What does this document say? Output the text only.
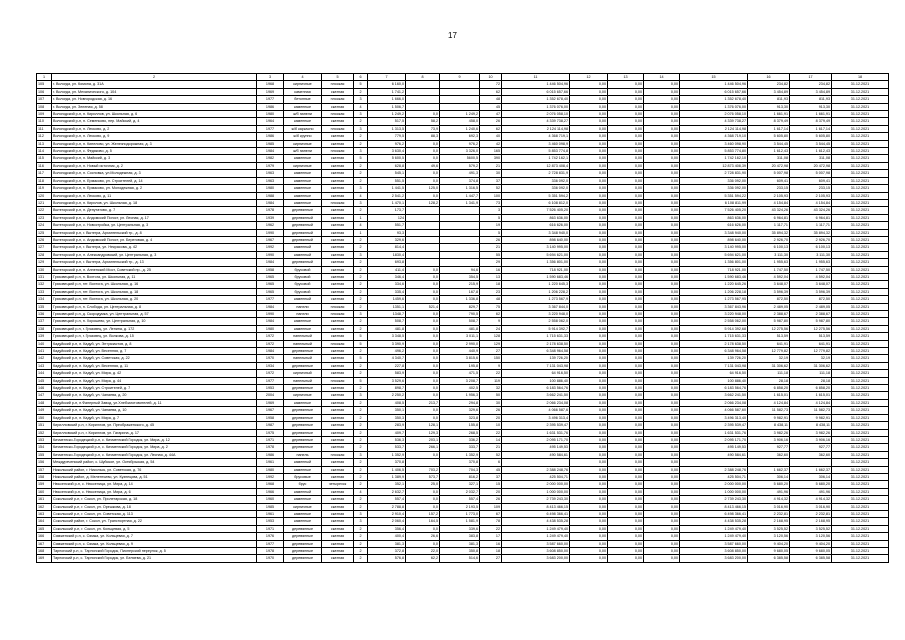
17
1	2	3	4	5	6	7	8	9	10	11	12	13	14	15	16	17	18
105	г. Вологда, ул. Комона, д. 31А	1968	кирпичные	плоская	5	6 160,0			72	1 446 504,96	0,00	0,00	0,00	1 446 504,96	234,82	234,82	31.12.2021
106	г. Вологда, ул. Механического, д. 104	1969	каменная	скатная	2	1 741,2			62	6 015 657,66	0,00	0,00	0,00	6 015 657,66	3 454,89	3 454,89	31.12.2021
107	г. Вологда, ул. Новгородская, д. 16	1977	бетонные	плоская	3	1 666,0			48	1 352 678,40	0,00	0,00	0,00	1 352 678,40	811,93	811,93	31.12.2021
108	г. Вологда, ул. Зеленая, д. 58	1986	каменные	скатная	4	1 506,7			45	1 376 076,00	0,00	0,00	0,00	1 376 076,00	913,30	913,30	31.12.2021
109	Вологодский р-н, п. Кириллов, ул. Школьная, д. 6	1980	ж/б панели	плоская	3	1 249,2	0,0	1 249,2	47	2 076 058,10	0,00	0,00	0,00	2 076 058,10	1 661,91	1 661,91	31.12.2021
110	Вологодский р-н, п. Семенково, пер. Майский, д. 4	1964	каменные	скатная	2	517,5	58,2	458,0	26	4 339 738,27	0,00	0,00	0,00	4 339 738,27	8 379,49	8 379,49	31.12.2021
111	Вологодский р-н, п. Лесково, д. 2	1977	ж/б каркасно	плоская	3	1 313,5	73,9	1 240,6	62	2 124 114,98	0,00	0,00	0,00	2 124 114,98	1 617,14	1 617,14	31.12.2021
112	Вологодский р-н, п. Лесково, д. 9	1986	ж/б крупно	скатная	2	779,5	88,3	692,3	40	4 368 719,1	0,00	0,00	0,00	4 368 719,10	5 605,80	5 605,80	31.12.2021
113	Вологодский р-н, п. Кипелово, ул. Железнодорожная, д. 3	1985	кирпичные	скатная	2	976,2	0,0	976,2	42	3 460 098,9	0,00	0,00	0,00	3 460 098,90	3 544,45	3 544,45	31.12.2021
114	Вологодский р-н, с. Федяково, д. 5	1984	ж/б панели	плоская	3	3 630,4	0,0	3 326,0	165	5 853 774,8	0,00	0,00	0,00	5 853 774,80	1 612,43	1 612,43	31.12.2021
115	Вологодский р-н, п. Майский, д. 3	1982	каменные	скатная	5	5 600,5	0,0	5600,5	390	1 742 162,1	0,00	0,00	0,00	1 742 162,10	311,08	311,08	31.12.2021
116	Вологодский р-н, п. Новый источник, д. 2	1979	кирпичные	скатная	2	628,8	49,6	579,2	21	12 873 408,4	0,00	0,00	0,00	12 873 408,39	20 472,98	20 472,98	31.12.2021
117	Вологодский р-н, п. Сосновка, ул.Молодежная, д. 3	1963	каменные	скатная	2	545,1	0,0	491,3	30	2 728 831,9	0,00	0,00	0,00	2 728 831,90	5 007,98	5 007,98	31.12.2021
118	Вологодский р-н, п. Ермаково, ул. Строителей, д. 14	1963	каменные	скатная	2	551,5	0,0	374,8	37	336 092,0	0,00	0,00	0,00	336 092,00	609,41	609,41	31.12.2021
119	Вологодский р-н, п. Ермаково, ул. Молодежная, д. 2	1980	каменные	скатная	3	1 441,5	125,0	1 316,5	52	336 092,0	0,00	0,00	0,00	336 092,00	233,15	233,15	31.12.2021
120	Вологодский р-н, п. Лесково, д. 11	1988	каменные	скатная	4	2 541,2	0,0	1 447,7	100	5 351 594,2	0,00	0,00	0,00	5 351 594,22	2 105,93	2 105,93	31.12.2021
121	Вологодский р-н, п. Кирилов, ул. Школьная, д. 18	1984	каменные	плоская	3	1 470,1	128,2	1 341,9	73	6 108 812,0	0,00	0,00	0,00	6 108 811,99	4 154,84	4 154,84	31.12.2021
122	Вытегорский р-н, п. Депутатово, д. 7	1978	деревянные	скатная	2	173,7			3	7 526 405,20	0,00	0,00	0,00	7 526 405,20	43 324,26	43 324,26	31.12.2021
123	Вытегорский р-н, с. Андомский Погост, ул. Лесная, д. 17	1939	деревянный	скатная	1	124			5	863 636,00	0,00	0,00	0,00	863 636,00	6 964,81	6 964,81	31.12.2021
124	Вытегорский р-н, с. Новостройка, ул. Центральная, д. 3	1962	деревянный	скатная	4	551,7			19	616 626,00	0,00	0,00	0,00	616 626,00	1 117,71	1 117,71	31.12.2021
125	Вытегорский р-н, г. Вытегра, Архангельский тр., д. 8	1990	деревянный	скатная	1	93,3			5	3 348 940,0	0,00	0,00	0,00	3 348 940,00	35 894,32	35 894,32	31.12.2021
126	Вытегорский р-н, с. Андомский Погост, ул. Береговая, д. 4	1967	деревянный	скатная	2	329,6			26	898 640,00	0,00	0,00	0,00	898 640,00	2 926,70	2 926,70	31.12.2021
127	Вытегорский р-н, г. Вытегра, ул. Некрасова, д. 42	1992	каменный	скатная	2	814,4			21	3 140 995,00	0,00	0,00	0,00	3 140 995,00	6 100,13	6 100,13	31.12.2021
128	Вытегорский р-н, п. Александровский, ул. Центральная, д. 3	1990	каменный	скатная	3	1830,4			55	5 694 621,00	0,00	0,00	0,00	5 694 621,00	3 111,30	3 111,30	31.12.2021
129	Вытегорский р-н, г. Вытегра, Архангельский тр., д. 13	1984	деревянный	скатная	2	693,8			29	1 356 801,00	0,00	0,00	0,00	1 356 801,00	1 955,63	1 955,63	31.12.2021
130	Вытегорский р-н, п. Анненский Мост, Советский пр., д. 25	1958	брусовой	скатная	2	411,4	0,0	94,6	16	718 921,00	0,00	0,00	0,00	718 921,00	1 747,50	1 747,50	31.12.2021
131	Грязовецкий р-н, п. Вохтога, ул. Школьная, д. 11	1965	брусовой	скатная	2	346,4	0,0	354,5	13	1 590 683,46	0,00	0,00	0,00	1 590 683,46	4 592,04	4 592,04	31.12.2021
132	Грязовецкий р-н, пгт. Вохтога, ул. Школьная, д. 16	1965	брусовой	скатная	2	334,6	0,0	215,9	18	1 220 645,3	0,00	0,00	0,00	1 220 645,26	3 648,07	3 648,07	31.12.2021
133	Грязовецкий р-н, пгт. Вохтога, ул. Школьная, д. 18	1965	брусовой	скатная	2	335,4	0,0	167,8	23	1 206 228,2	0,00	0,00	0,00	1 206 228,18	3 596,39	3 596,39	31.12.2021
134	Грязовецкий р-н, пгт. Вохтога, ул. Школьная, д. 20	1977	каменный	скатная	2	1459,6	0,0	1 336,8	48	1 273 567,9	0,00	0,00	0,00	1 273 567,95	872,50	872,50	31.12.2021
135	Грязовецкий р-н, п. Слобода, ул. Центральная, д. 8	1984	панели	плоская	2	1351,1	521,4	829,7	75	3 367 844,0	0,00	0,00	0,00	3 367 843,96	2 489,05	2 489,05	31.12.2021
136	Грязовецкий р-н, д. Скородумка, ул. Центральная, д. 57	1990	панели	плоская	3	1348,7	0,0	790,5	62	3 220 948,0	0,00	0,00	0,00	3 220 948,00	2 388,67	2 388,67	31.12.2021
137	Грязовецкий р-н, п. Хорошево, ул. Центральная, д. 10	1984	каменные	скатная	2	508,7	0,0	508,7	9	2 558 062,0	0,00	0,00	0,00	2 558 062,00	5 987,80	5 987,80	31.12.2021
138	Грязовецкий р-н, г. Грязовец, ул. Ленина, д. 172	1980	каменные	скатная	2	481,8	0,0	481,8	24	5 914 392,7	0,00	0,00	0,00	5 914 392,68	12 275,56	12 275,56	31.12.2021
139	Грязовецкий р-н, г. Грязовец, ул. Волкова, д. 15	1972	панельный	скатная	5	3 348,5	0,0	3 011,1	128	1 715 631,33	0,00	0,00	0,00	1 715 631,33	513,59	513,59	31.12.2021
140	Кадуйский р-н, п. Кадуй, ул. Энтузиастов, д. 8	1972	панельный	плоская	5	3 390,9	0,0	2 990,0	129	2 178 638,50	0,00	0,00	0,00	2 178 638,50	641,91	641,91	31.12.2021
141	Кадуйский р-н, п. Кадуй, ул. Весенняя, д. 7	1984	деревянные	скатная	2	496,2	0,0	440,9	27	6 348 964,58	0,00	0,00	0,00	6 348 964,58	12 779,82	12 779,82	31.12.2021
142	Кадуйский р-н, п. Кадуй, ул. Советская, д. 22	1970	панельный	скатная	5	4 340,7	0,0	3 815,6	150	139 726,20	0,00	0,00	0,00	139 726,20	32,19	32,19	31.12.2021
143	Кадуйский р-н, п. Кадуй, ул. Весенняя, д. 11	1934	деревянные	скатная	2	227,8	0,0	195,8	9	7 131 043,98	0,00	0,00	0,00	7 131 043,98	31 306,62	31 306,62	31.12.2021
144	Кадуйский р-н, п. Кадуй, ул. Мира, д. 42	1972	кирпичный	скатная	2	583,9	0,0	471,5	22	64 916,50	0,00	0,00	0,00	64 916,50	111,18	111,18	31.12.2021
145	Кадуйский р-н, п. Кадуй, ул. Мира, д. 44	1977	панельный	плоская	5	3 529,6	0,0	3 208,7	119	100 886,40	0,00	0,00	0,00	100 886,40	28,18	28,18	31.12.2021
146	Кадуйский р-н, п. Кадуй, ул. Строителей, д. 7	1953	деревянные	скатная	2	898,7	0,0	402,5	32	6 183 564,76	0,00	0,00	0,00	6 183 564,76	6 858,20	6 858,20	31.12.2021
147	Кадуйский р-н, п. Кадуй, ул. Чапаева, д. 20	2004	кирпичные	скатная	3	2 250,2	0,0	1 956,3	50	3 662 241,50	0,00	0,00	0,00	3 662 241,50	1 615,01	1 615,01	31.12.2021
148	Кадуйский р-н, п.Фанерный Завод, ул.Хлебзаготовителей, д. 11	1969	каменные	скатная	2	408,5	213,7	294,8	30	2 066 234,08	0,00	0,00	0,00	2 066 234,08	4 124,84	4 124,84	31.12.2021
149	Кадуйский р-н, п. Кадуй, ул. Чапаева, д. 10	1967	деревянные	скатная	2	350,1	0,0	329,6	26	4 066 587,6	0,00	0,00	0,00	4 066 587,60	11 582,73	11 582,73	31.12.2021
150	Кадуйский р-н, п. Кадуй, ул. Мира, д. 7	1958	деревянные	скатная	2	350,3	0,0	323,8	20	3 496 313,4	0,00	0,00	0,00	3 496 313,40	9 982,91	9 982,91	31.12.2021
151	Кирилловский р-н, г. Кириллов, ул. Преображенского, д. 45	1987	деревянные	скатная	2	283,9	128,1	155,8	10	2 395 539,47	0,00	0,00	0,00	2 395 539,47	8 438,11	8 438,11	31.12.2021
152	Кирилловский р-н, г. Кириллов, ул. Гагарина, д. 17	1975	деревянные	скатная	2	409,7	129,3	268,5	22	1 631 531,76	0,00	0,00	0,00	1 631 531,76	3 982,26	3 982,26	31.12.2021
153	Кичменгско-Городецкий р-н, с. Кичменгский Городок, ул. Мира, д. 12	1971	деревянные	скатная	2	536,3	203,1	336,2	14	2 095 171,70	0,00	0,00	0,00	2 095 171,70	3 906,16	3 906,16	31.12.2021
154	Кичменгско-Городецкий р-н, с. Кичменгский Городок, ул. Мира, д. 2	1978	деревянные	скатная	2	533,7	266,1	333,7	21	495 149,53	0,00	0,00	0,00	495 149,53	927,77	927,77	31.12.2021
155	Кичменгско-Городецкий р-н, с. Кичменгский Городок, ул. Лесная, д. 44А	1986	панель	плоская	3	1 352,9	0,0	1 352,9	52	490 584,61	0,00	0,00	0,00	490 584,61	362,60	362,60	31.12.2021
156	Междуреченский район, с. Шуйское, ул. Октябрьская, д. 54	1961	каменный	скатная	2	370,8		370,8	6		0,00	0,00	0,00				31.12.2021
157	Никольский район, г. Никольск, ул. Советская, д. 76	1980	каменные	скатная	2	1 406,5	703,2	704,3	45	2 388 248,76	0,00	0,00	0,00	2 388 248,76	1 662,37	1 662,37	31.12.2021
158	Никольский район, д. Мелентьево, ул. Кузнецова, д. 51	1992	брусовые	скатная	2	1 389,9	573,7	816,2	37	425 504,71	0,00	0,00	0,00	425 504,71	306,14	306,14	31.12.2021
159	Нюксенский р-н, с. Нюксеница, ул. Мира, д. 14	1968	брус	четырехск	2	352,1	25,0	327,1	15	2 000 000,00	0,00	0,00	0,00	2 000 000,00	5 680,20	5 680,20	31.12.2021
160	Нюксенский р-н, с. Нюксеница, ул. Мира, д. 6	1966	каменный	скатная	4	2 632,7	0,0	2 032,7	20	1 000 000,00	0,00	0,00	0,00	1 000 000,00	491,96	491,96	31.12.2021
161	Сокольский р-н, г. Сокол, ул. Пролетарская, д. 18	1960	каменные	скатная	2	557,4	0,0	557,4	26	2 739 243,30	0,00	0,00	0,00	2 739 243,30	4 914,32	4 914,32	31.12.2021
162	Сокольский р-н, г. Сокол, ул. Орешкова, д. 18	1985	кирпичные	скатная	2	2 788,8	0,0	2 193,5	109	8 413 466,15	0,00	0,00	0,00	8 413 466,15	3 016,90	3 016,90	31.12.2021
163	Сокольский р-н, г. Сокол, ул. Советская, д. 113	1961	каменные	скатная	3	2 910,4	157,2	1 773,0	67	6 498 366,41	0,00	0,00	0,00	6 498 366,41	2 232,81	2 232,81	31.12.2021
164	Сокольский район, г. Сокол, ул. Транспортная, д. 22	1953	каменные	скатная	3	2 060,4	164,5	1 581,9	78	4 438 535,28	0,00	0,00	0,00	4 438 535,28	2 168,95	2 168,95	31.12.2021
165	Сокольский р-н, г. Сокол, ул. Кольцевая, д. 5	1971	деревянные	скатная	2	356,4	0,0	339,6	22	1 249 479,40	0,00	0,00	0,00	1 249 479,40	3 525,52	3 525,52	31.12.2021
166	Сямженский р-н, с. Сямжа, ул. Кольцевая, д. 7	1976	деревянные	скатная	2	400,4	26,6	383,8	17	1 249 479,40	0,00	0,00	0,00	1 249 479,40	3 120,56	3 120,56	31.12.2021
167	Сямженский р-н, с. Сямжа, ул. Кольцевая, д. 9	1977	деревянные	скатная	2	381,3	0,0	381,3	16	3 587 660,00	0,00	0,00	0,00	3 587 660,00	9 404,20	9 404,20	31.12.2021
168	Тарногский р-н, с. Тарногский Городок, Пионерский переулок, д. 5	1978	деревянные	скатная	2	372,8	22,0	350,8	18	3 608 850,00	0,00	0,00	0,00	3 608 850,00	9 680,05	9 680,05	31.12.2021
169	Тарногский р-н, с. Тарногский Городок, ул. Беляева, д. 21	1970	деревянные	скатная	2	576,8	62,2	514,6	27	3 683 200,00	0,00	0,00	0,00	3 683 200,00	6 385,58	6 385,58	31.12.2021
